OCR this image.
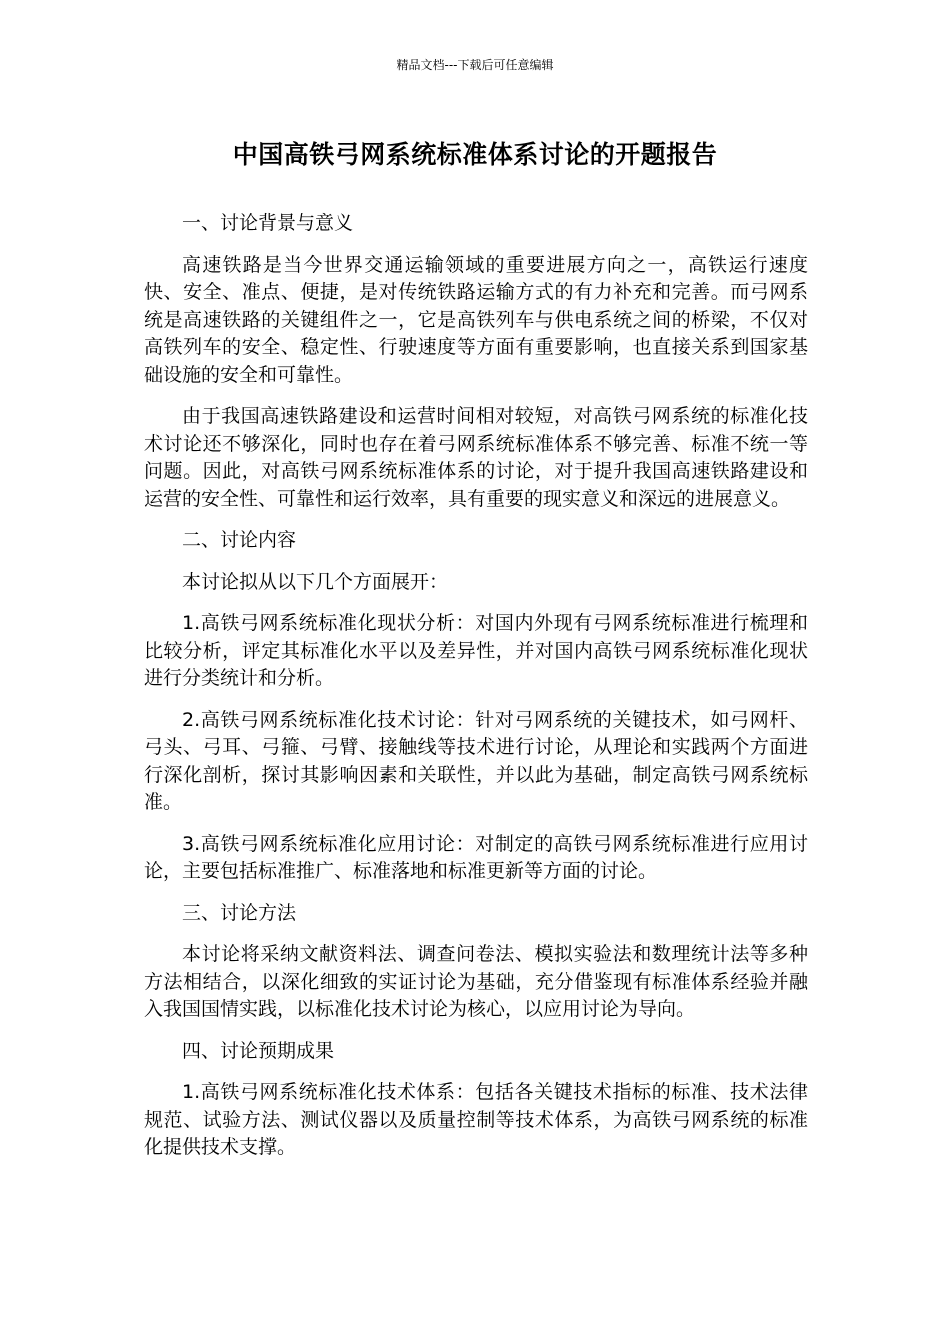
精品文档---下载后可任意编辑
中国高铁弓网系统标准体系讨论的开题报告
一、讨论背景与意义
高速铁路是当今世界交通运输领域的重要进展方向之一，高铁运行速度快、安全、准点、便捷，是对传统铁路运输方式的有力补充和完善。而弓网系统是高速铁路的关键组件之一，它是高铁列车与供电系统之间的桥梁，不仅对高铁列车的安全、稳定性、行驶速度等方面有重要影响，也直接关系到国家基础设施的安全和可靠性。
由于我国高速铁路建设和运营时间相对较短，对高铁弓网系统的标准化技术讨论还不够深化，同时也存在着弓网系统标准体系不够完善、标准不统一等问题。因此，对高铁弓网系统标准体系的讨论，对于提升我国高速铁路建设和运营的安全性、可靠性和运行效率，具有重要的现实意义和深远的进展意义。
二、讨论内容
本讨论拟从以下几个方面展开：
1.高铁弓网系统标准化现状分析：对国内外现有弓网系统标准进行梳理和比较分析，评定其标准化水平以及差异性，并对国内高铁弓网系统标准化现状进行分类统计和分析。
2.高铁弓网系统标准化技术讨论：针对弓网系统的关键技术，如弓网杆、弓头、弓耳、弓箍、弓臂、接触线等技术进行讨论，从理论和实践两个方面进行深化剖析，探讨其影响因素和关联性，并以此为基础，制定高铁弓网系统标准。
3.高铁弓网系统标准化应用讨论：对制定的高铁弓网系统标准进行应用讨论，主要包括标准推广、标准落地和标准更新等方面的讨论。
三、讨论方法
本讨论将采纳文献资料法、调查问卷法、模拟实验法和数理统计法等多种方法相结合，以深化细致的实证讨论为基础，充分借鉴现有标准体系经验并融入我国国情实践，以标准化技术讨论为核心，以应用讨论为导向。
四、讨论预期成果
1.高铁弓网系统标准化技术体系：包括各关键技术指标的标准、技术法律规范、试验方法、测试仪器以及质量控制等技术体系，为高铁弓网系统的标准化提供技术支撑。
